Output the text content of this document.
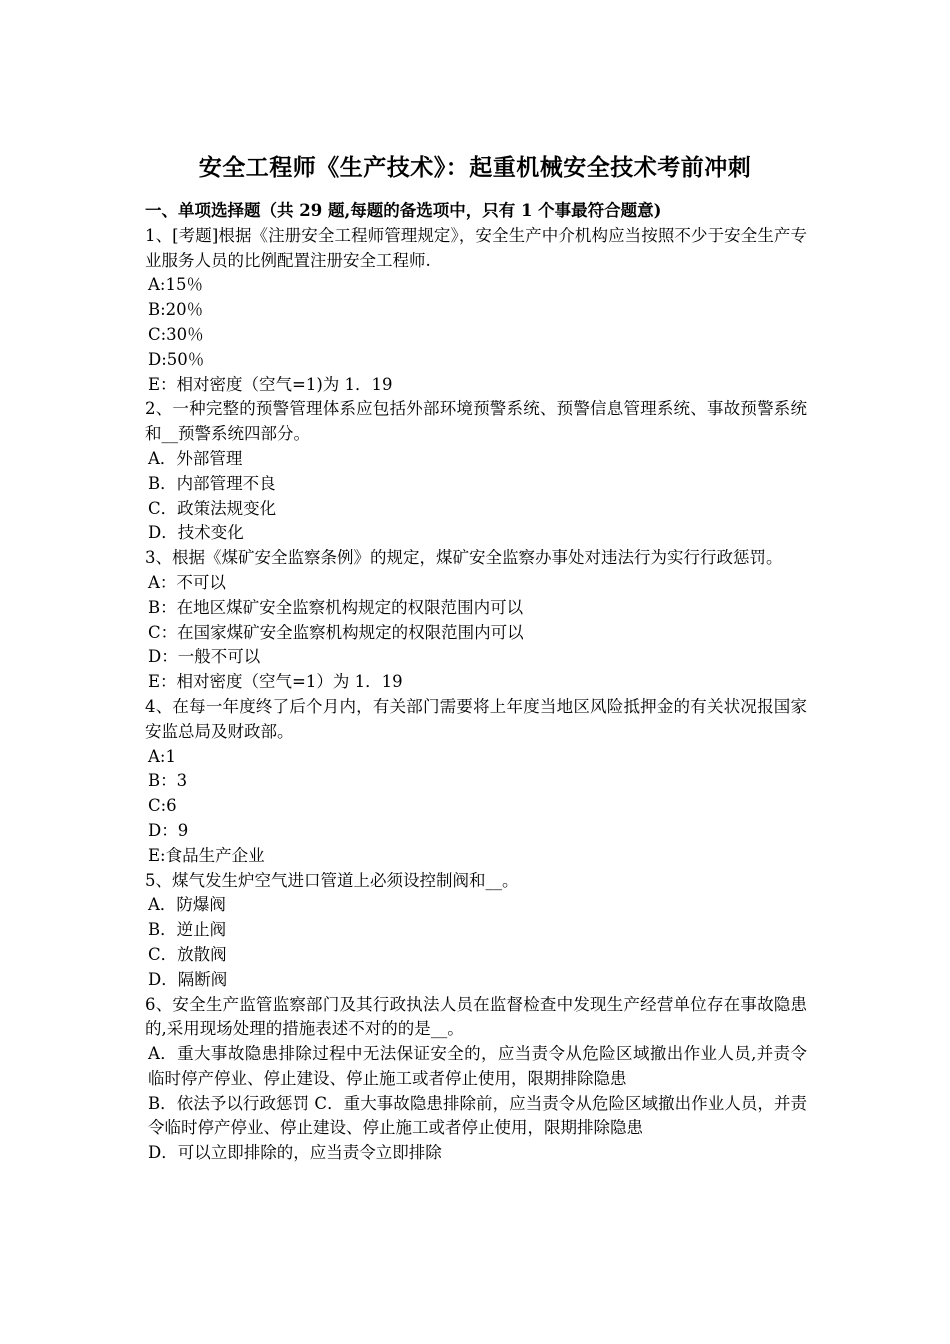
安全工程师《生产技术》：起重机械安全技术考前冲刺
一、单项选择题（共 29 题,每题的备选项中，只有 1 个事最符合题意)
1、[考题]根据《注册安全工程师管理规定》，安全生产中介机构应当按照不少于安全生产专业服务人员的比例配置注册安全工程师.
A:15％
B:20％
C:30％
D:50％
E：相对密度（空气=1)为 1．19
2、一种完整的预警管理体系应包括外部环境预警系统、预警信息管理系统、事故预警系统和__预警系统四部分。
A．外部管理
B．内部管理不良
C．政策法规变化
D．技术变化
3、根据《煤矿安全监察条例》的规定，煤矿安全监察办事处对违法行为实行行政惩罚。
A：不可以
B：在地区煤矿安全监察机构规定的权限范围内可以
C：在国家煤矿安全监察机构规定的权限范围内可以
D：一般不可以
E：相对密度（空气=1）为 1．19
4、在每一年度终了后个月内，有关部门需要将上年度当地区风险抵押金的有关状况报国家安监总局及财政部。
A:1
B：3
C:6
D：9
E:食品生产企业
5、煤气发生炉空气进口管道上必须设控制阀和__。
A．防爆阀
B．逆止阀
C．放散阀
D．隔断阀
6、安全生产监管监察部门及其行政执法人员在监督检查中发现生产经营单位存在事故隐患的,采用现场处理的措施表述不对的的是__。
A．重大事故隐患排除过程中无法保证安全的，应当责令从危险区域撤出作业人员,并责令临时停产停业、停止建设、停止施工或者停止使用，限期排除隐患
B．依法予以行政惩罚 C．重大事故隐患排除前，应当责令从危险区域撤出作业人员，并责令临时停产停业、停止建设、停止施工或者停止使用，限期排除隐患
D．可以立即排除的，应当责令立即排除
